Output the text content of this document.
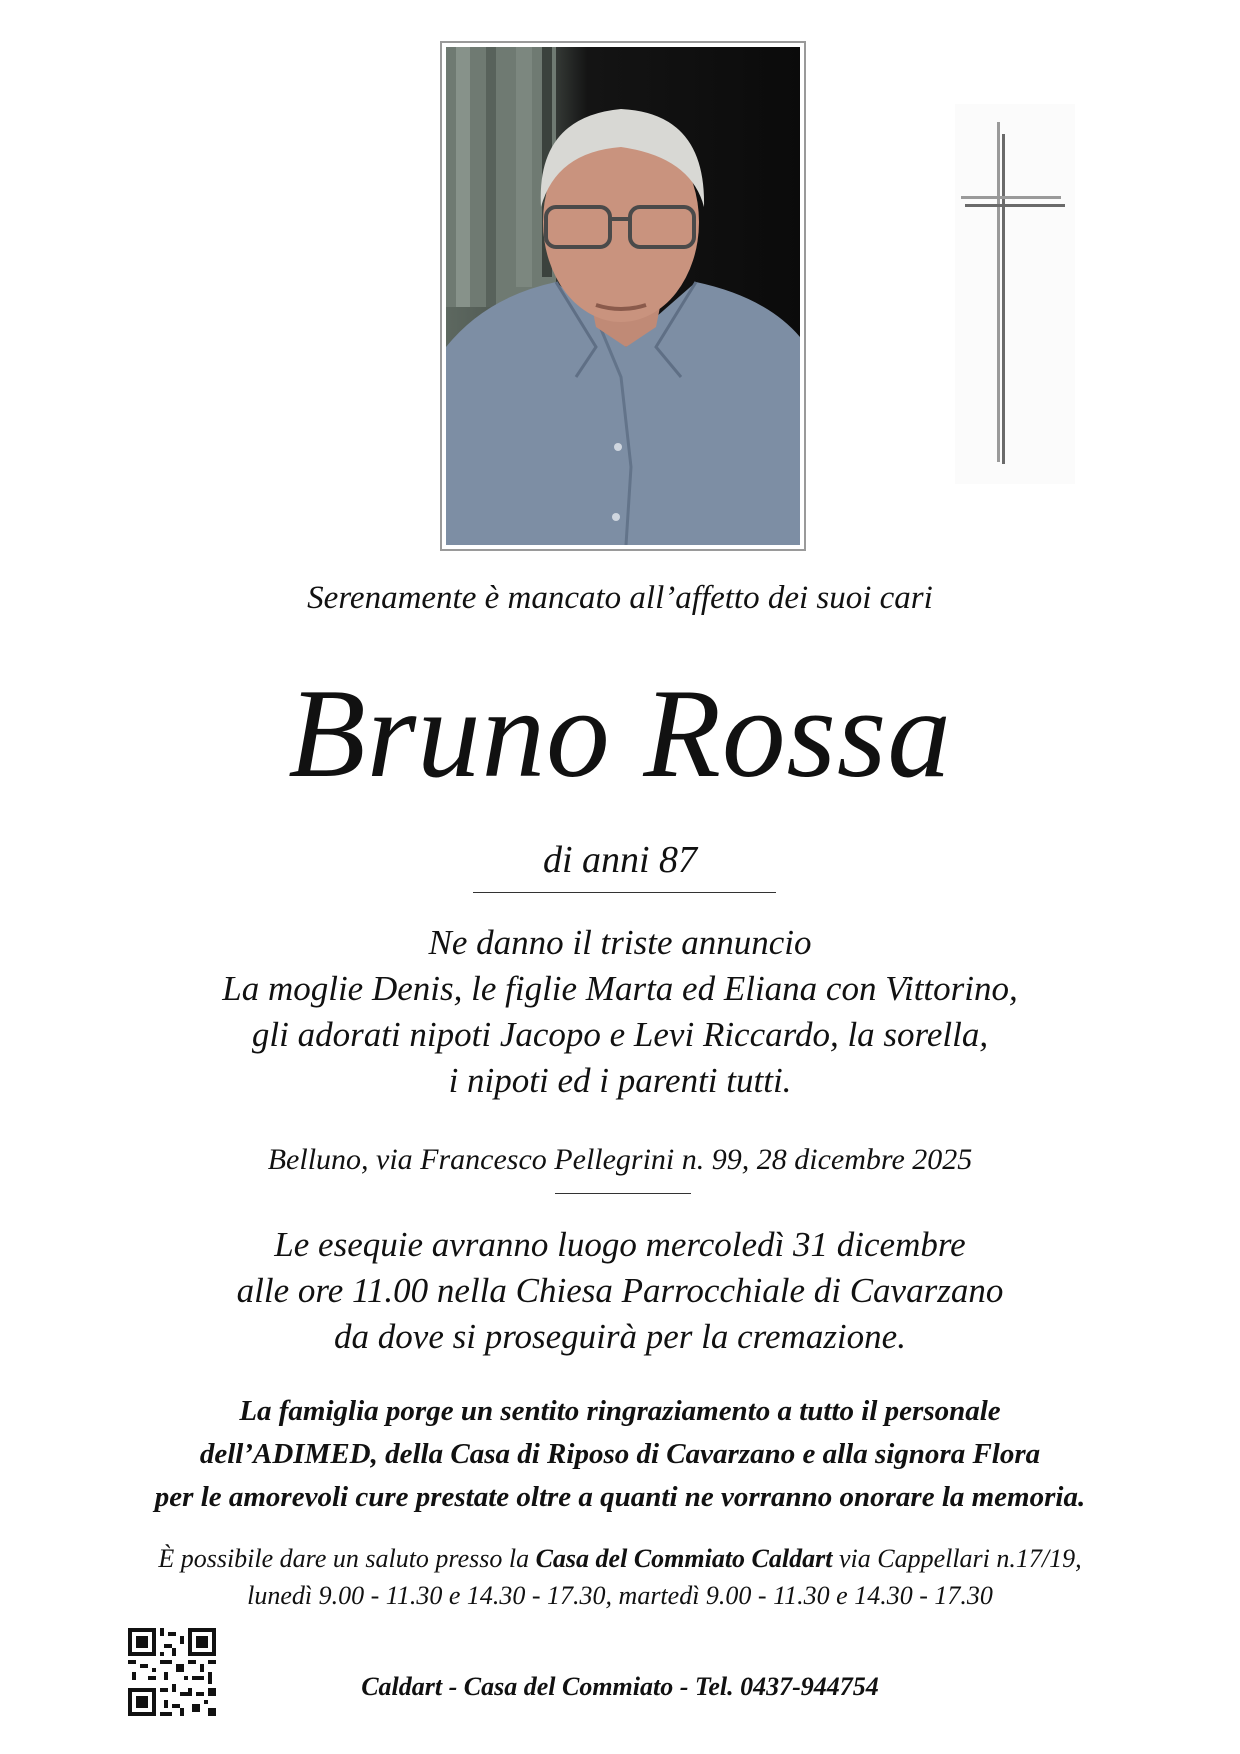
Serenamente è mancato all’affetto dei suoi cari
Bruno Rossa
di anni 87
Ne danno il triste annuncio
La moglie Denis, le figlie Marta ed Eliana con Vittorino,
gli adorati nipoti Jacopo e Levi Riccardo, la sorella,
i nipoti ed i parenti tutti.
Belluno, via Francesco Pellegrini n. 99, 28 dicembre 2025
Le esequie avranno luogo mercoledì 31 dicembre
alle ore 11.00 nella Chiesa Parrocchiale di Cavarzano
da dove si proseguirà per la cremazione.
La famiglia porge un sentito ringraziamento a tutto il personale
dell’ADIMED, della Casa di Riposo di Cavarzano e alla signora Flora
per le amorevoli cure prestate oltre a quanti ne vorranno onorare la memoria.
È possibile dare un saluto presso la Casa del Commiato Caldart via Cappellari n.17/19,
lunedì 9.00 - 11.30 e 14.30 - 17.30, martedì 9.00 - 11.30 e 14.30 - 17.30
Caldart - Casa del Commiato - Tel. 0437-944754
